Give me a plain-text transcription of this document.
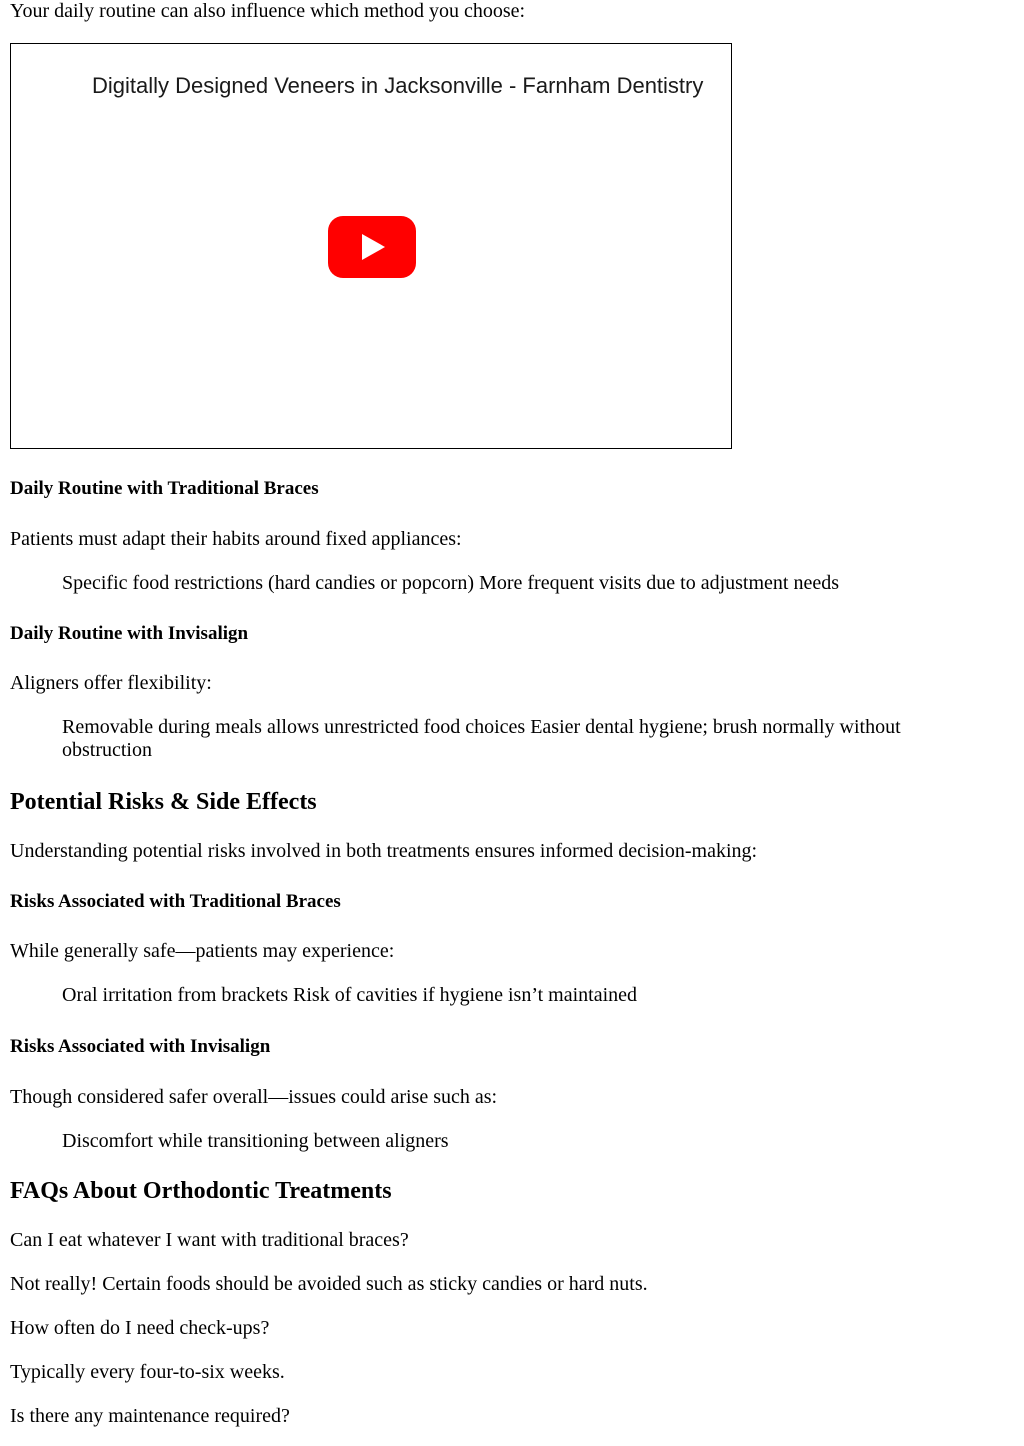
Your daily routine can also influence which method you choose:

Digitally Designed Veneers in Jacksonville - Farnham Dentistry
Daily Routine with Traditional Braces

Patients must adapt their habits around fixed appliances:

Specific food restrictions (hard candies or popcorn) More frequent visits due to adjustment needs

Daily Routine with Invisalign

Aligners offer flexibility:

Removable during meals allows unrestricted food choices Easier dental hygiene; brush normally without obstruction

Potential Risks & Side Effects

Understanding potential risks involved in both treatments ensures informed decision-making:

Risks Associated with Traditional Braces

While generally safe—patients may experience:

Oral irritation from brackets Risk of cavities if hygiene isn’t maintained

Risks Associated with Invisalign

Though considered safer overall—issues could arise such as:

Discomfort while transitioning between aligners

FAQs About Orthodontic Treatments

Can I eat whatever I want with traditional braces?

Not really! Certain foods should be avoided such as sticky candies or hard nuts.

How often do I need check-ups?

Typically every four-to-six weeks.

Is there any maintenance required?
